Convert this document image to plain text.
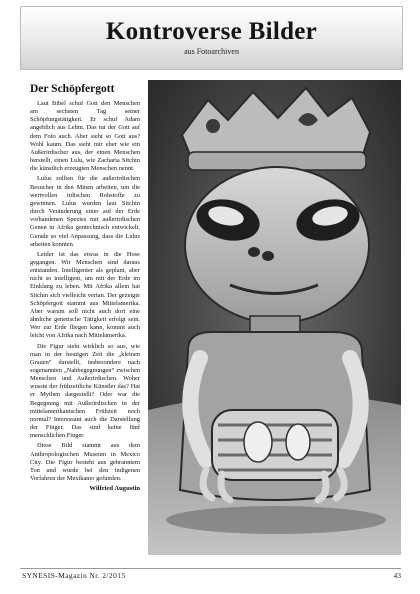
Kontroverse Bilder
aus Fotoarchiven
Der Schöpfergott

Laut Bibel schuf Gott den Menschen am sechsten Tag seiner Schöpfungstätigkeit. Er schuf Adam angeblich aus Lehm. Das tut der Gott auf dem Foto auch. Aber sieht so Gott aus? Wohl kaum. Das sieht mir eher wie ein Außerirdischer aus, der einen Menschen herstellt, einen Lulu, wie Zacharia Sitchin die künstlich erzeugten Menschen nennt.

Lulus sollten für die außerirdischen Besucher in den Minen arbeiten, um die wertvollen irdischen Rohstoffe zu gewinnen. Lulus wurden laut Sitchin durch Veränderung einer auf der Erde vorhandenen Spezies mit außerirdischen Genen in Afrika gentechnisch entwickelt. Gerade so viel Anpassung, dass die Lulus arbeiten konnten.

Leider ist das etwas in die Hose gegangen. Wir Menschen sind daraus entstanden. Intelligenter als geplant, aber nicht so intelligent, um mit der Erde im Einklang zu leben. Mit Afrika allein hat Sitchin sich vielleicht vertan. Der gezeigte Schöpfergott stammt aus Mittelamerika. Aber warum soll nicht auch dort eine ähnliche genetische Tätigkeit erfolgt sein. Wer zur Erde fliegen kann, kommt auch leicht von Afrika nach Mittelamerika.

Die Figur sieht wirklich so aus, wie man in der heutigen Zeit die „kleinen Grauen“ darstellt, insbesondere nach sogenannten „Nahbegegnungen“ zwischen Menschen und Außerirdischen. Woher wusste der frühzeitliche Künstler das? Hat er Mythen dargestellt? Oder war die Begegnung mit Außerirdischen in der mittelamerikanischen Frühzeit noch normal? Interessant auch die Darstellung der Finger. Das sind keine fünf menschlichen Finger.

Diese Bild stammt aus dem Anthropologischen Museum in Mexico City. Die Figur besteht aus gebranntem Ton und wurde bei den indigenen Vorfahren der Mexikaner gefunden.

Wilfried Augustin
SYNESIS-Magazin Nr. 2/2015	43
